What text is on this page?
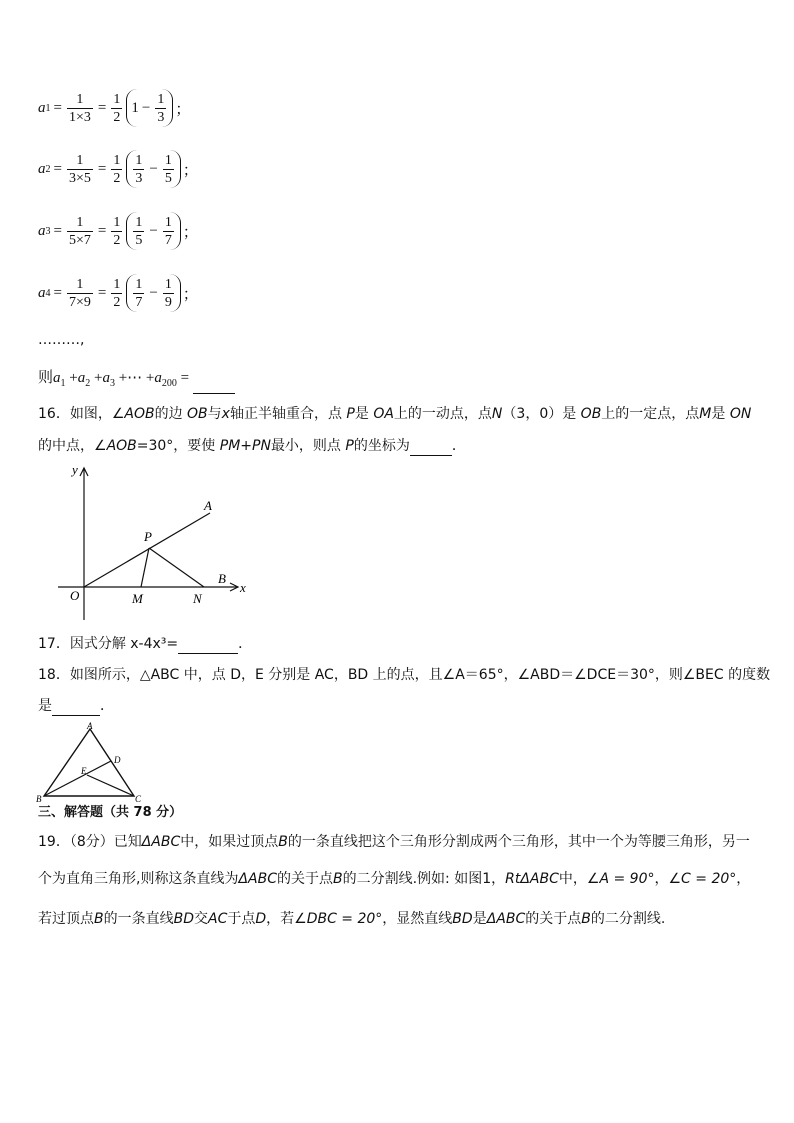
a $1 = \frac{1}{1\times 3} = \frac{1}{2} 1 - \frac{1}{3}$ ；
a $2 = \frac{1}{3\times 5} = \frac{1}{2} \frac{1}{3} - \frac{1}{5}$ ；
a $3 = \frac{1}{5\times 7} = \frac{1}{2} \frac{1}{5} - \frac{1}{7}$ ；
a $4 = \frac{1}{7\times 9} = \frac{1}{2} \frac{1}{7} - \frac{1}{9}$ ；
………,
则$a_1 +a_2 +a_3$ +⋯ $+a_{200}$ =
16．如图，∠AOB的边 OB与x轴正半轴重合，点 P是 OA上的一动点，点N（3，0）是 OB上的一定点，点M是 ON
的中点，∠AOB=30°，要使 PM+PN最小，则点 P的坐标为	．
y
A
P
B
x
O	M	N
17．因式分解 x-4x³=	．
18．如图所示，△ABC 中，点 D，E 分别是 AC，BD 上的点，且∠A＝65°，∠ABD＝∠DCE＝30°，则∠BEC 的度数
是	．
A
D
E
B	C
三、解答题（共 78 分）
19．（8分）已知ΔABC中，如果过顶点B的一条直线把这个三角形分割成两个三角形，其中一个为等腰三角形，另一
个为直角三角形,则称这条直线为ΔABC的关于点B的二分割线.例如: 如图1，RtΔABC中，∠A = 90°，∠C = 20°，
若过顶点B的一条直线BD交AC于点D，若∠DBC = 20°，显然直线BD是ΔABC的关于点B的二分割线.
